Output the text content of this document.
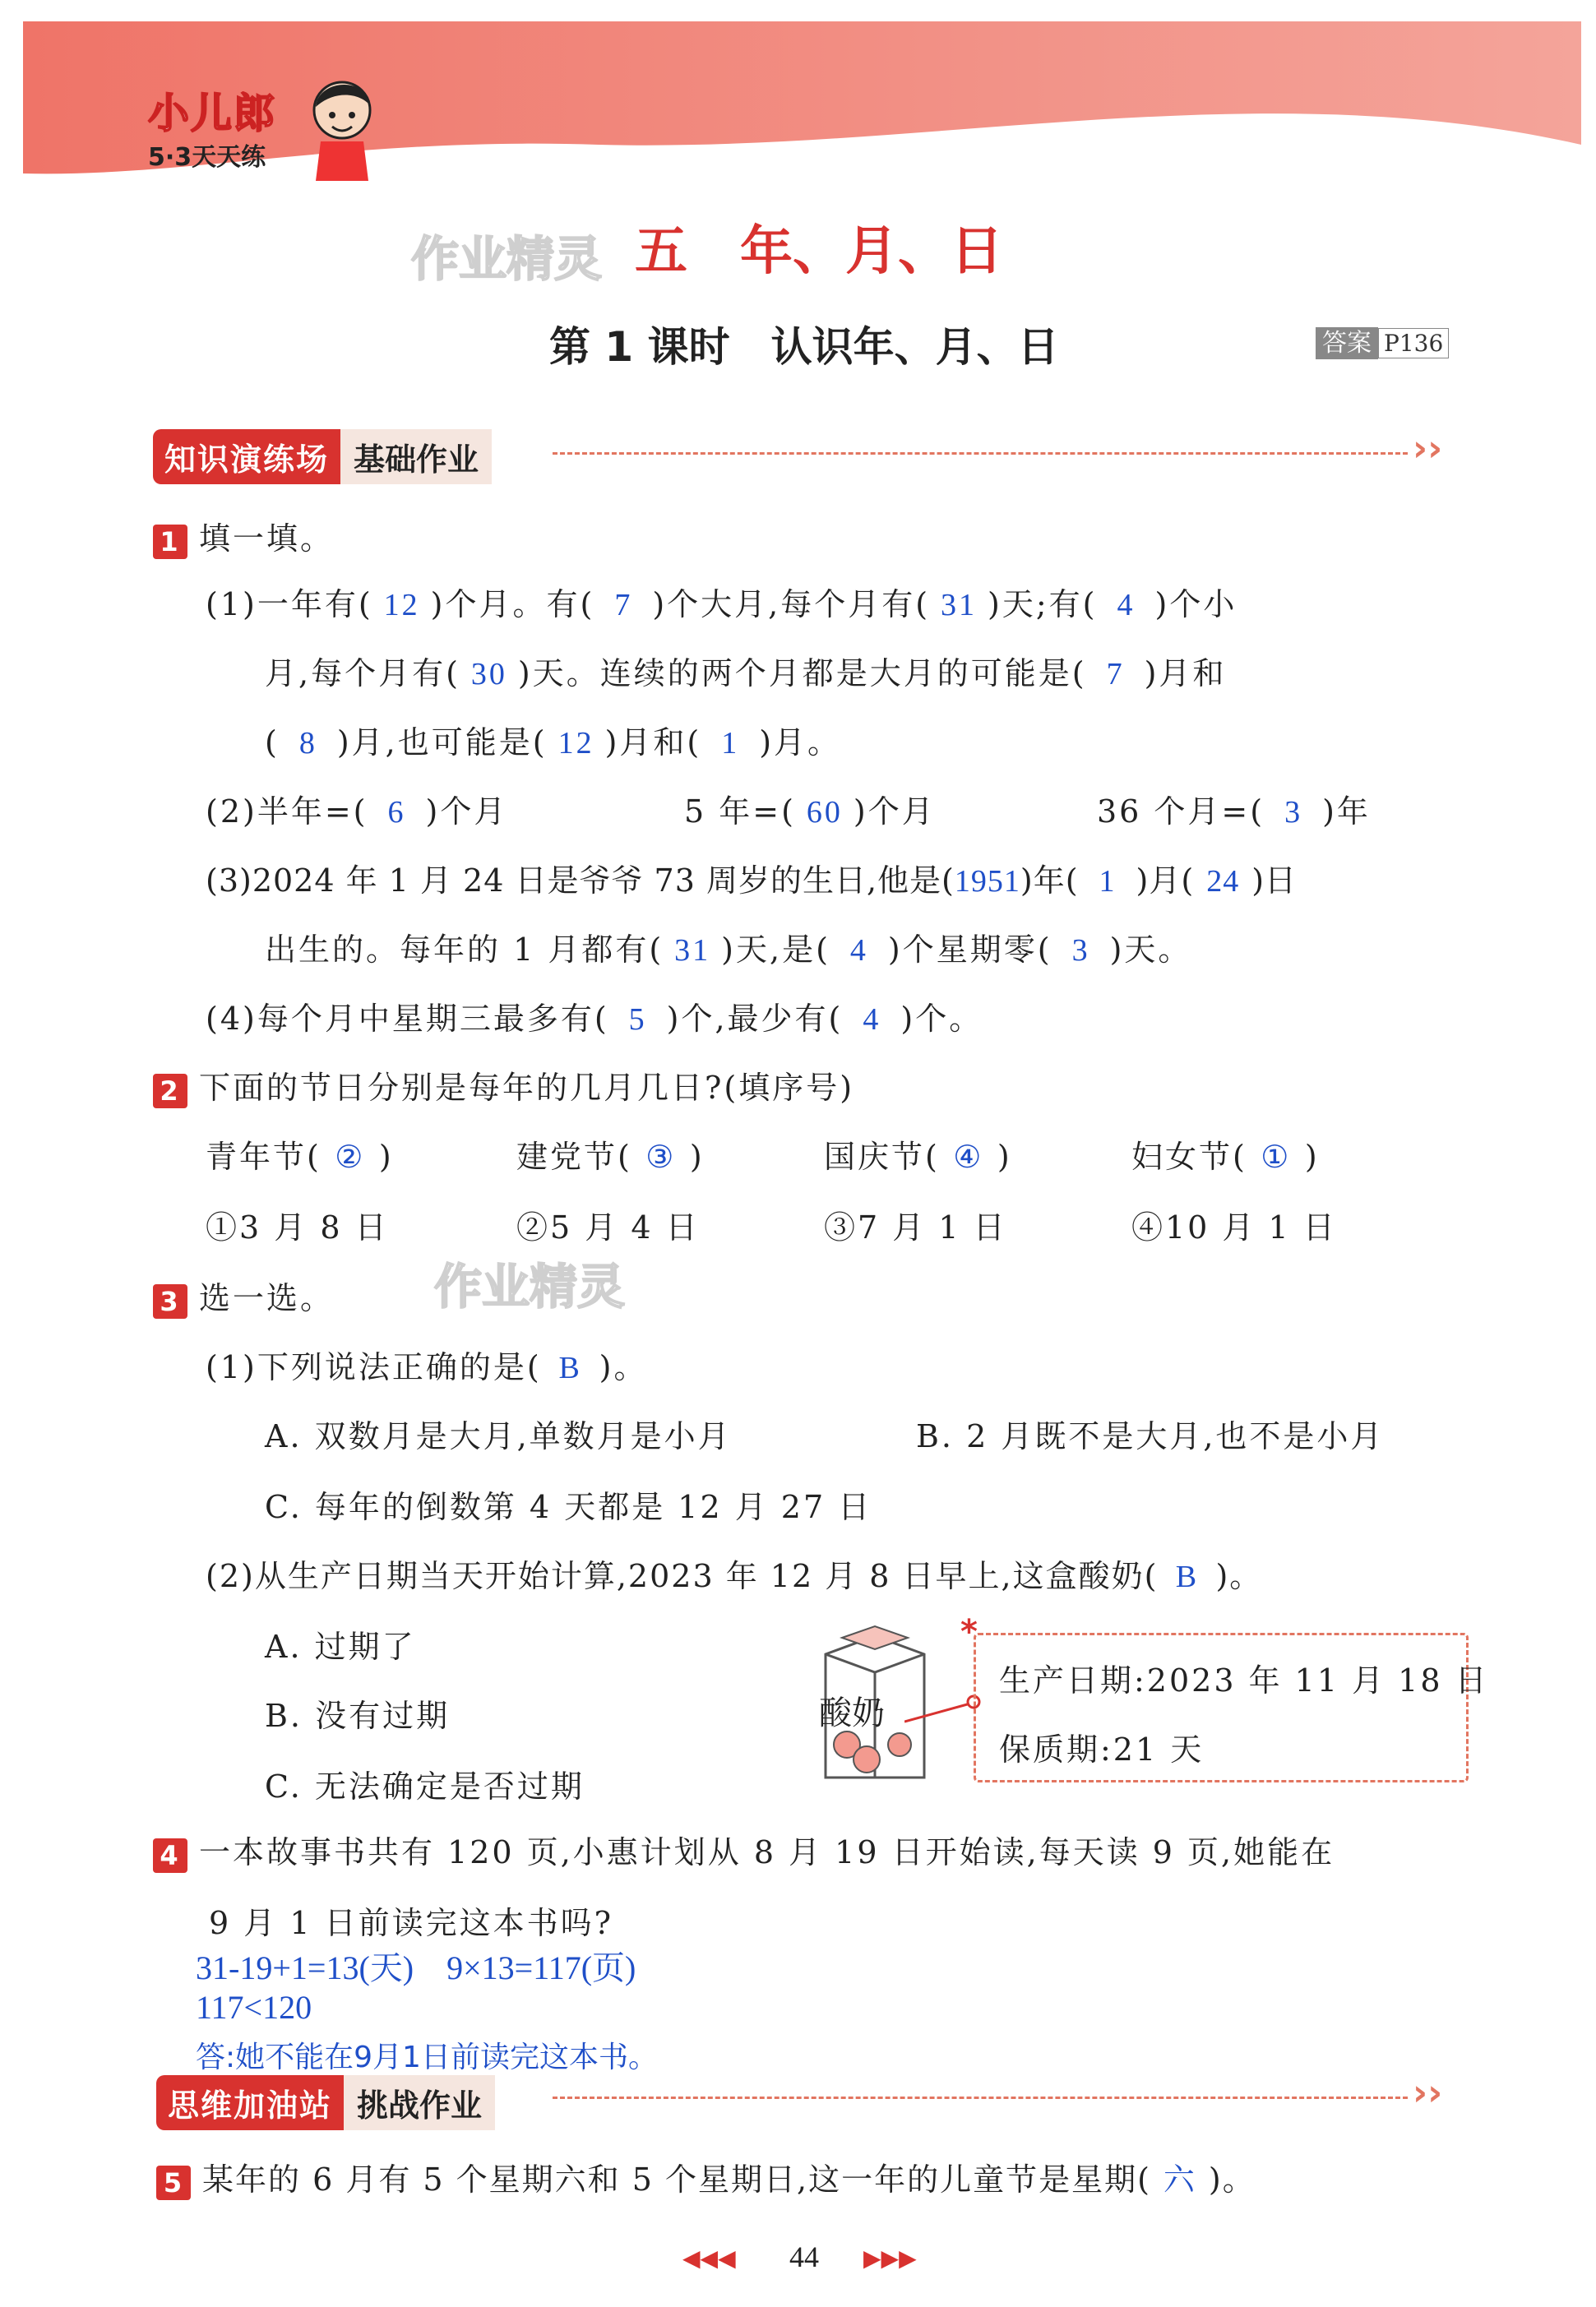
小儿郎
5·3天天练
作业精灵
作业精灵
五　年、月、日
第 1 课时　认识年、月、日	答案 P136
知识演练场 基础作业	››
1 填一填。
(1)一年有( 12 )个月。有( 7 )个大月,每个月有( 31 )天;有( 4 )个小
月,每个月有( 30 )天。连续的两个月都是大月的可能是( 7 )月和
( 8 )月,也可能是( 12 )月和( 1 )月。
(2)半年=( 6 )个月	5 年=( 60 )个月	36 个月=( 3 )年
(3)2024 年 1 月 24 日是爷爷 73 周岁的生日,他是(1951)年( 1 )月( 24 )日
出生的。每年的 1 月都有( 31 )天,是( 4 )个星期零( 3 )天。
(4)每个月中星期三最多有( 5 )个,最少有( 4 )个。
2 下面的节日分别是每年的几月几日?(填序号)
青年节( ② )	建党节( ③ )	国庆节( ④ )	妇女节( ① )
①3 月 8 日	②5 月 4 日	③7 月 1 日	④10 月 1 日
3 选一选。
(1)下列说法正确的是( B )。
A. 双数月是大月,单数月是小月	B. 2 月既不是大月,也不是小月
C. 每年的倒数第 4 天都是 12 月 27 日
(2)从生产日期当天开始计算,2023 年 12 月 8 日早上,这盒酸奶( B )。
A. 过期了
B. 没有过期
C. 无法确定是否过期
酸奶
*
生产日期:2023 年 11 月 18 日
保质期:21 天
4 一本故事书共有 120 页,小惠计划从 8 月 19 日开始读,每天读 9 页,她能在
9 月 1 日前读完这本书吗?
31-19+1=13(天)　9×13=117(页)
117<120
答:她不能在9月1日前读完这本书。
思维加油站 挑战作业	››
5 某年的 6 月有 5 个星期六和 5 个星期日,这一年的儿童节是星期( 六 )。
◀◀◀ 44 ▶▶▶
